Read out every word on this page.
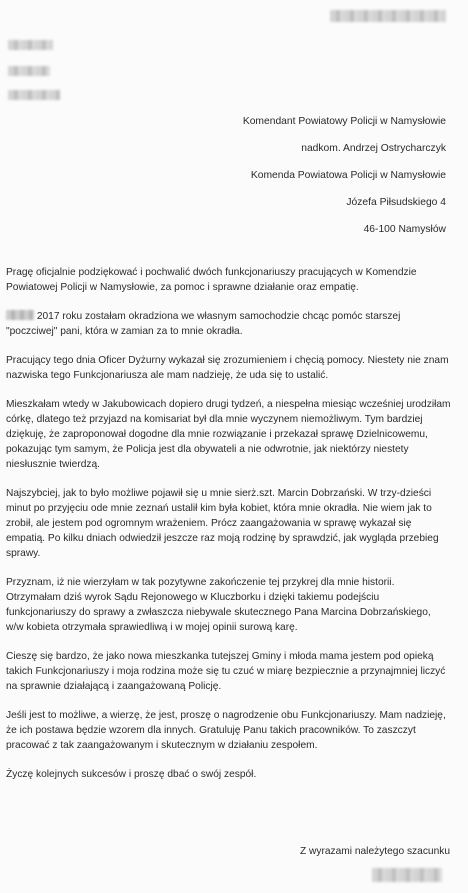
Komendant Powiatowy Policji w Namysłowie
nadkom. Andrzej Ostrycharczyk
Komenda Powiatowa Policji w Namysłowie
Józefa Piłsudskiego 4
46-100 Namysłów

Pragę oficjalnie podziękować i pochwalić dwóch funkcjonariuszy pracujących w Komendzie Powiatowej Policji w Namysłowie, za pomoc i sprawne działanie oraz empatię.

2017 roku zostałam okradziona we własnym samochodzie chcąc pomóc starszej "poczciwej" pani, która w zamian za to mnie okradła.

Pracujący tego dnia Oficer Dyżurny wykazał się zrozumieniem i chęcią pomocy. Niestety nie znam nazwiska tego Funkcjonariusza ale mam nadzieję, że uda się to ustalić.

Mieszkałam wtedy w Jakubowicach dopiero drugi tydzeń, a niespełna miesiąc wcześniej urodziłam córkę, dlatego też przyjazd na komisariat był dla mnie wyczynem niemożliwym. Tym bardziej dziękuję, że zaproponował dogodne dla mnie rozwiązanie i przekazał sprawę Dzielnicowemu, pokazując tym samym, że Policja jest dla obywateli a nie odwrotnie, jak niektórzy niestety niesłusznie twierdzą.

Najszybciej, jak to było możliwe pojawił się u mnie sierż.szt. Marcin Dobrzański. W trzy-dzieści minut po przyjęciu ode mnie zeznań ustalił kim była kobiet, która mnie okradła. Nie wiem jak to zrobił, ale jestem pod ogromnym wrażeniem. Prócz zaangażowania w sprawę wykazał się empatią. Po kilku dniach odwiedził jeszcze raz moją rodzinę by sprawdzić, jak wygląda przebieg sprawy.

Przyznam, iż nie wierzyłam w tak pozytywne zakończenie tej przykrej dla mnie historii. Otrzymałam dziś wyrok Sądu Rejonowego w Kluczborku i dzięki takiemu podejściu funkcjonariuszy do sprawy a zwłaszcza niebywale skutecznego Pana Marcina Dobrzańskiego, w/w kobieta otrzymała sprawiedliwą i w mojej opinii surową karę.

Cieszę się bardzo, że jako nowa mieszkanka tutejszej Gminy i młoda mama jestem pod opieką takich Funkcjonariuszy i moja rodzina może się tu czuć w miarę bezpiecznie a przynajmniej liczyć na sprawnie działającą i zaangażowaną Policję.

Jeśli jest to możliwe, a wierzę, że jest, proszę o nagrodzenie obu Funkcjonariuszy. Mam nadzieję, że ich postawa będzie wzorem dla innych. Gratuluję Panu takich pracowników. To zaszczyt pracować z tak zaangażowanym i skutecznym w działaniu zespołem.

Życzę kolejnych sukcesów i proszę dbać o swój zespół.

Z wyrazami należytego szacunku
